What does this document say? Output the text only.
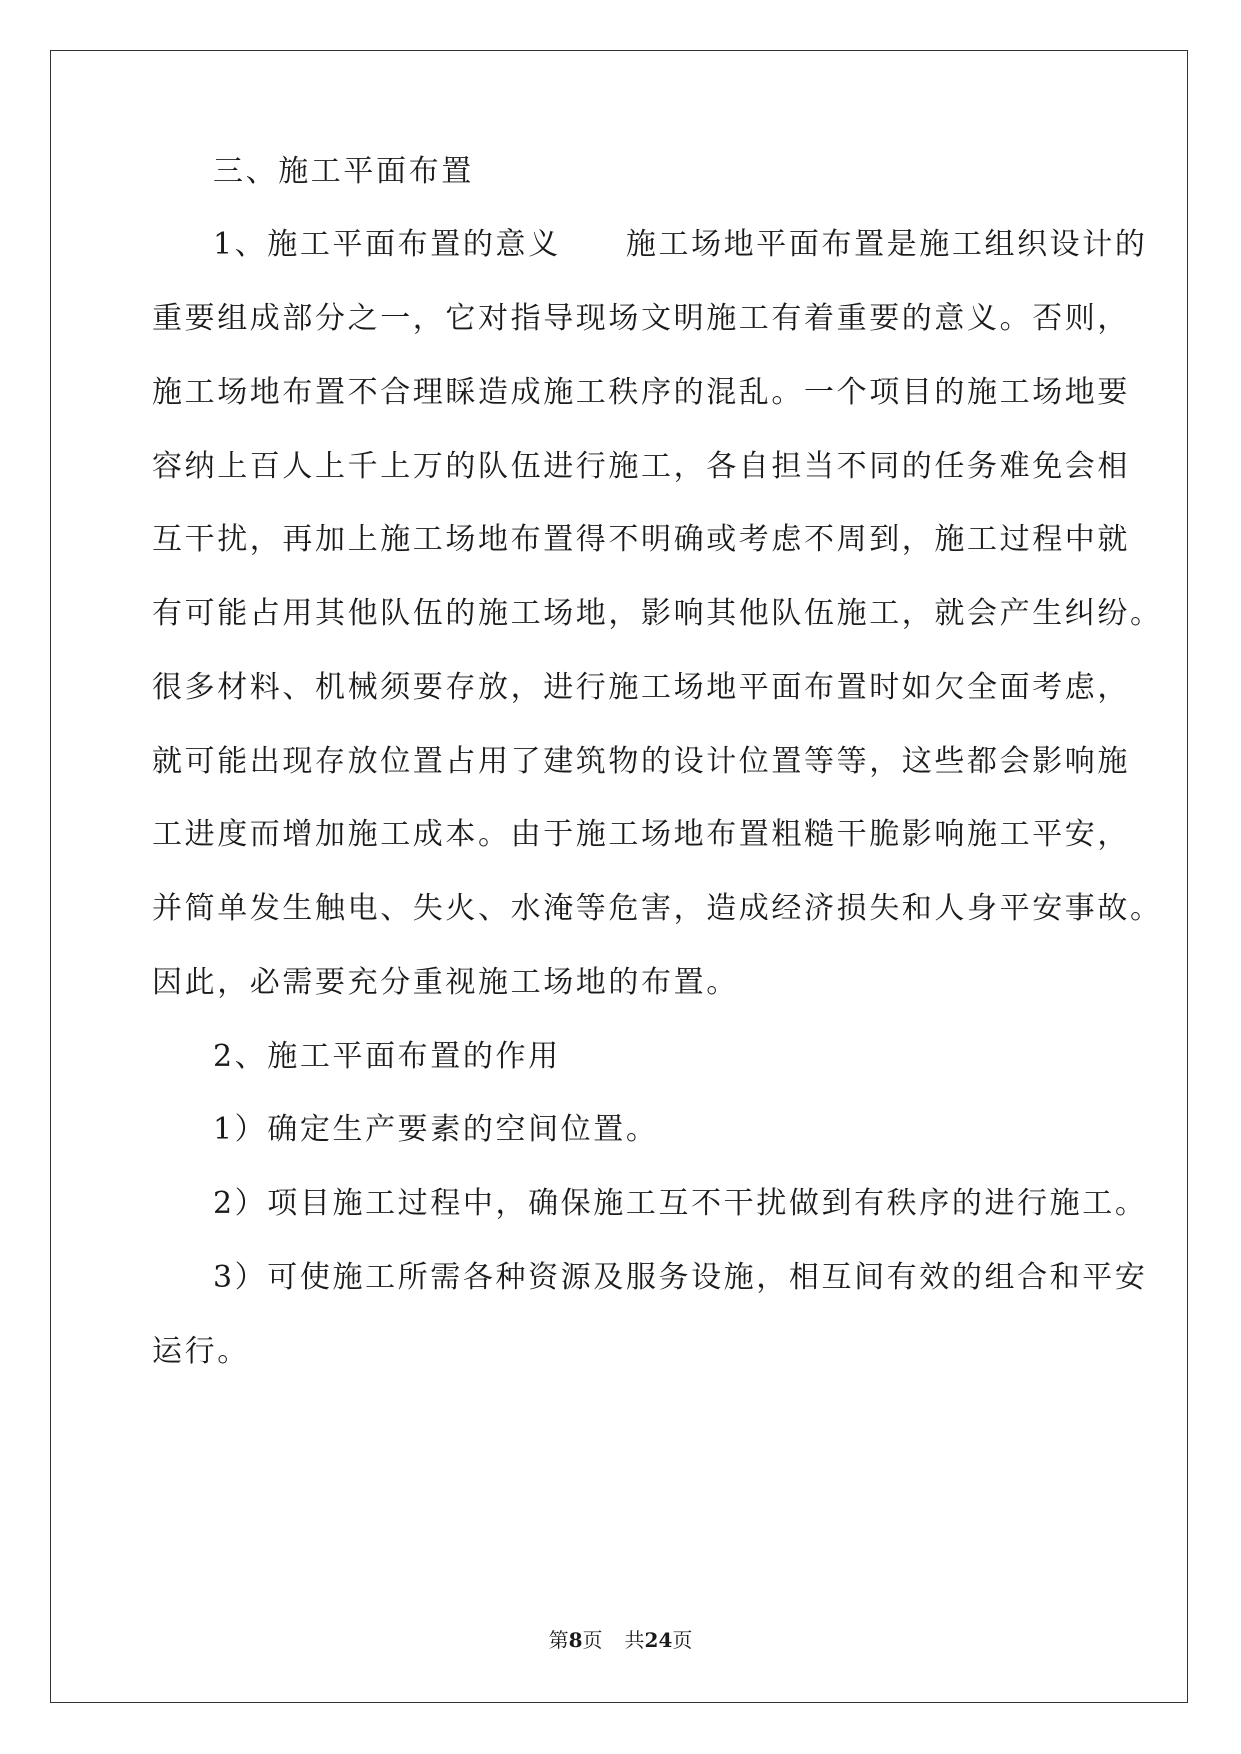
三、施工平面布置
1、施工平面布置的意义　　施工场地平面布置是施工组织设计的
重要组成部分之一，它对指导现场文明施工有着重要的意义。否则，
施工场地布置不合理睬造成施工秩序的混乱。一个项目的施工场地要
容纳上百人上千上万的队伍进行施工，各自担当不同的任务难免会相
互干扰，再加上施工场地布置得不明确或考虑不周到，施工过程中就
有可能占用其他队伍的施工场地，影响其他队伍施工，就会产生纠纷。
很多材料、机械须要存放，进行施工场地平面布置时如欠全面考虑，
就可能出现存放位置占用了建筑物的设计位置等等，这些都会影响施
工进度而增加施工成本。由于施工场地布置粗糙干脆影响施工平安，
并简单发生触电、失火、水淹等危害，造成经济损失和人身平安事故。
因此，必需要充分重视施工场地的布置。
2、施工平面布置的作用
1）确定生产要素的空间位置。
2）项目施工过程中，确保施工互不干扰做到有秩序的进行施工。
3）可使施工所需各种资源及服务设施，相互间有效的组合和平安
运行。
第8页 共24页
